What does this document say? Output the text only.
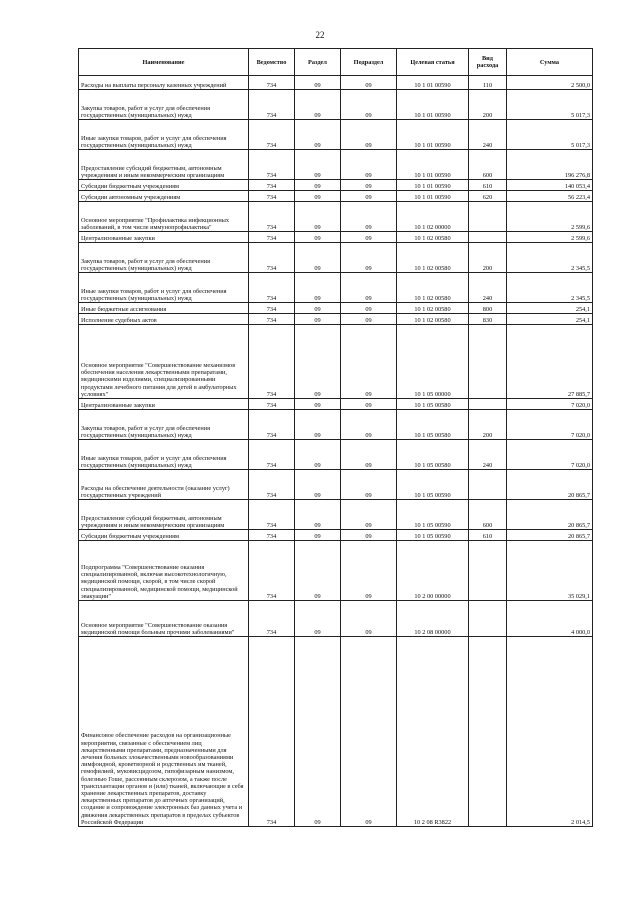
22
Наименование	Ведомство	Раздел	Подраздел	Целевая статья	Вид расхода	Сумма
Расходы на выплаты персоналу казенных учреждений	734	09	09	10 1 01 00590	110	2 500,0
Закупка товаров, работ и услуг для обеспечения государственных (муниципальных) нужд	734	09	09	10 1 01 00590	200	5 017,3
Иные закупки товаров, работ и услуг для обеспечения государственных (муниципальных) нужд	734	09	09	10 1 01 00590	240	5 017,3
Предоставление субсидий бюджетным, автономным учреждениям и иным некоммерческим организациям	734	09	09	10 1 01 00590	600	196 276,8
Субсидии бюджетным учреждениям	734	09	09	10 1 01 00590	610	140 053,4
Субсидии автономным учреждениям	734	09	09	10 1 01 00590	620	56 223,4
Основное мероприятие "Профилактика инфекционных заболеваний, в том числе иммунопрофилактика"	734	09	09	10 1 02 00000		2 599,6
Централизованные закупки	734	09	09	10 1 02 00580		2 599,6
Закупка товаров, работ и услуг для обеспечения государственных (муниципальных) нужд	734	09	09	10 1 02 00580	200	2 345,5
Иные закупки товаров, работ и услуг для обеспечения государственных (муниципальных) нужд	734	09	09	10 1 02 00580	240	2 345,5
Иные бюджетные ассигнования	734	09	09	10 1 02 00580	800	254,1
Исполнение судебных актов	734	09	09	10 1 02 00580	830	254,1
Основное мероприятие "Совершенствование механизмов обеспечения населения лекарственными препаратами, медицинскими изделиями, специализированными продуктами лечебного питания для детей в амбулаторных условиях"	734	09	09	10 1 05 00000		27 885,7
Централизованные закупки	734	09	09	10 1 05 00580		7 020,0
Закупка товаров, работ и услуг для обеспечения государственных (муниципальных) нужд	734	09	09	10 1 05 00580	200	7 020,0
Иные закупки товаров, работ и услуг для обеспечения государственных (муниципальных) нужд	734	09	09	10 1 05 00580	240	7 020,0
Расходы на обеспечение деятельности (оказание услуг) государственных учреждений	734	09	09	10 1 05 00590		20 865,7
Предоставление субсидий бюджетным, автономным учреждениям и иным некоммерческим организациям	734	09	09	10 1 05 00590	600	20 865,7
Субсидии бюджетным учреждениям	734	09	09	10 1 05 00590	610	20 865,7
Подпрограмма "Совершенствование оказания специализированной, включая высокотехнологичную, медицинской помощи, скорой, в том числе скорой специализированной, медицинской помощи, медицинской эвакуации"	734	09	09	10 2 00 00000		35 029,1
Основное мероприятие "Совершенствование оказания медицинской помощи больным прочими заболеваниями"	734	09	09	10 2 08 00000		4 000,0
Финансовое обеспечение расходов на организационные мероприятия, связанные с обеспечением лиц лекарственными препаратами, предназначенными для лечения больных злокачественными новообразованиями лимфоидной, кроветворной и родственных им тканей, гемофилией, муковисцидозом, гипофизарным нанизмом, болезнью Гоше, рассеянным склерозом, а также после трансплантации органов и (или) тканей, включающие в себя хранение лекарственных препаратов, доставку лекарственных препаратов до аптечных организаций, создание и сопровождение электронных баз данных учета и движения лекарственных препаратов в пределах субъектов Российской Федерации	734	09	09	10 2 08 R3822		2 014,5
